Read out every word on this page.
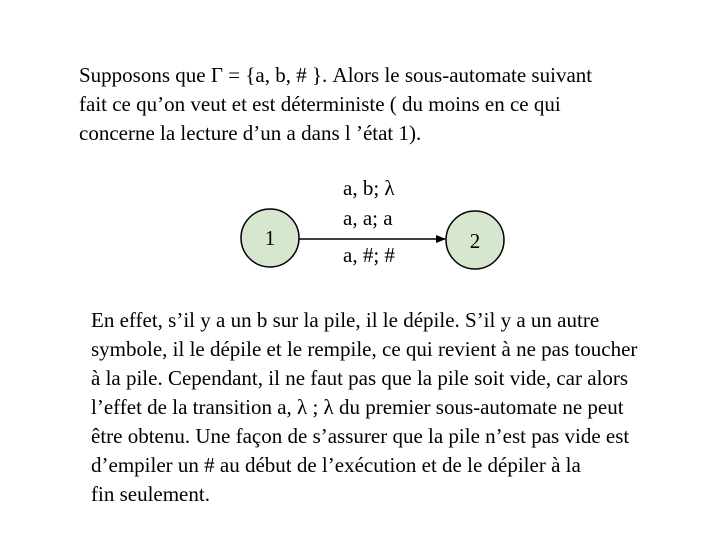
Supposons que Γ = {a, b, # }. Alors le sous-automate suivant
fait ce qu’on veut et est déterministe ( du moins en ce qui
concerne la lecture d’un a dans l ’état 1).

1	2
a, b; λ
a, a; a
a, #; #

En effet, s’il y a un b sur la pile, il le dépile. S’il y a un autre
symbole, il le dépile et le rempile, ce qui revient à ne pas toucher
à la pile. Cependant, il ne faut pas que la pile soit vide, car alors
l’effet de la transition a, λ ; λ du premier sous-automate ne peut
être obtenu. Une façon de s’assurer que la pile n’est pas vide est
d’empiler un # au début de l’exécution et de le dépiler à la
fin seulement.
